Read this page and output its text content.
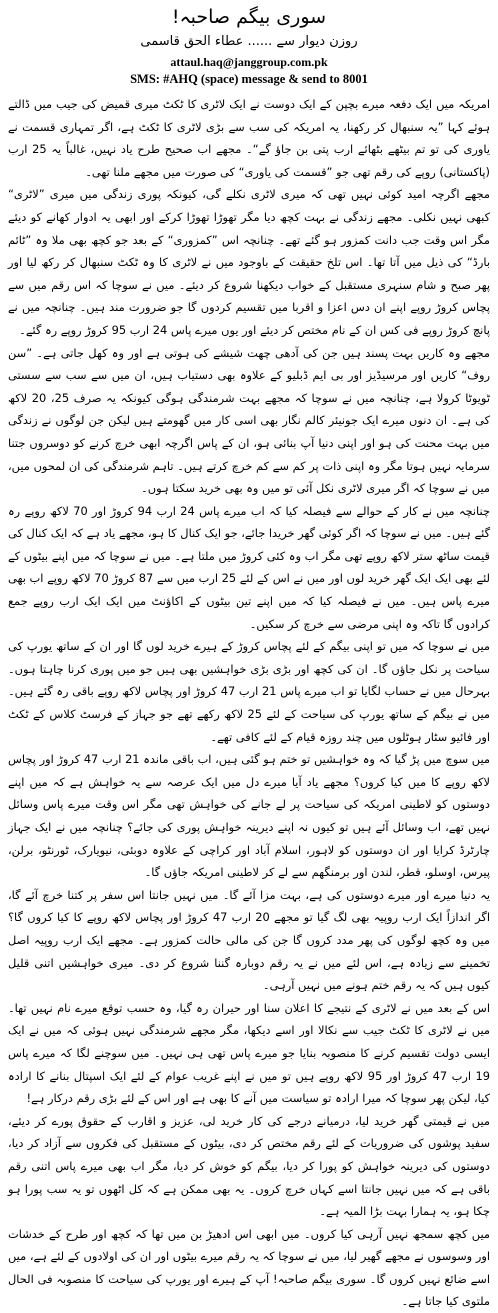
سوری بیگم صاحبہ!
روزن دیوار سے ...... عطاء الحق قاسمی
attaul.haq@janggroup.com.pk
SMS: #AHQ (space) message & send to 8001

امریکہ میں ایک دفعہ میرے بچپن کے ایک دوست نے ایک لاٹری کا ٹکٹ میری قمیض کی جیب میں ڈالتے ہوئے کہا ”یہ سنبھال کر رکھنا، یہ امریکہ کی سب سے بڑی لاٹری کا ٹکٹ ہے، اگر تمہاری قسمت نے یاوری کی تو تم بیٹھے بٹھائے ارب پتی بن جاؤ گے“۔ مجھے اب صحیح طرح یاد نہیں، غالباً یہ 25 ارب (پاکستانی) روپے کی رقم تھی جو ”قسمت کی یاوری“ کی صورت میں مجھے ملنا تھی۔

مجھے اگرچہ امید کوئی نہیں تھی کہ میری لاٹری نکلے گی، کیونکہ پوری زندگی میں میری ”لاٹری“ کبھی نہیں نکلی۔ مجھے زندگی نے بہت کچھ دیا مگر تھوڑا تھوڑا کرکے اور ابھی یہ ادوار کھانے کو دیئے مگر اس وقت جب دانت کمزور ہو گئے تھے۔ چنانچہ اس ”کمزوری“ کے بعد جو کچھ بھی ملا وہ ”ٹائم بارڈ“ کی ذیل میں آتا تھا۔ اس تلخ حقیقت کے باوجود میں نے لاٹری کا وہ ٹکٹ سنبھال کر رکھ لیا اور پھر صبح و شام سنہری مستقبل کے خواب دیکھنا شروع کر دیئے۔ میں نے سوچا کہ اس رقم میں سے پچاس کروڑ روپے اپنے ان دس اعزا و اقربا میں تقسیم کردوں گا جو ضرورت مند ہیں۔ چنانچہ میں نے پانچ کروڑ روپے فی کس ان کے نام مختص کر دیئے اور یوں میرے پاس 24 ارب 95 کروڑ روپے رہ گئے۔

مجھے وہ کاریں بہت پسند ہیں جن کی آدھی چھت شیشے کی ہوتی ہے اور وہ کھل جاتی ہے۔ ”سن روف“ کاریں اور مرسیڈیز اور بی ایم ڈبلیو کے علاوہ بھی دستیاب ہیں، ان میں سے سب سے سستی ٹویوٹا کرولا ہے، چنانچہ میں نے سوچا کہ مجھے بہت شرمندگی ہوگی کیونکہ یہ صرف 25، 20 لاکھ کی ہے۔ ان دنوں میرے ایک جونیئر کالم نگار بھی اسی کار میں گھومتے ہیں لیکن جن لوگوں نے زندگی میں بہت محنت کی ہو اور اپنی دنیا آپ بنائی ہو، ان کے پاس اگرچہ ابھی خرچ کرنے کو دوسروں جتنا سرمایہ نہیں ہوتا مگر وہ اپنی ذات پر کم سے کم خرچ کرتے ہیں۔ تاہم شرمندگی کی ان لمحوں میں، میں نے سوچا کہ اگر میری لاٹری نکل آئی تو میں وہ بھی خرید سکتا ہوں۔

چنانچہ میں نے کار کے حوالے سے فیصلہ کیا کہ اب میرے پاس 24 ارب 94 کروڑ اور 70 لاکھ روپے رہ گئے ہیں۔ میں نے سوچا کہ اگر کوئی گھر خریدا جائے، جو ایک کنال کا ہو، مجھے یاد ہے کہ ایک کنال کی قیمت ساٹھ ستر لاکھ روپے تھی مگر اب وہ کئی کروڑ میں ملتا ہے۔ میں نے سوچا کہ میں اپنے بیٹوں کے لئے بھی ایک ایک گھر خرید لوں اور میں نے اس کے لئے 25 ارب میں سے 87 کروڑ 70 لاکھ روپے اب بھی میرے پاس ہیں۔ میں نے فیصلہ کیا کہ میں اپنے تین بیٹوں کے اکاؤنٹ میں ایک ایک ارب روپے جمع کرادوں گا تاکہ وہ اپنی مرضی سے خرچ کر سکیں۔

میں نے سوچا کہ میں تو اپنی بیگم کے لئے پچاس کروڑ کے ہیرے خرید لوں گا اور ان کے ساتھ یورپ کی سیاحت پر نکل جاؤں گا۔ ان کی کچھ اور بڑی بڑی خواہشیں بھی ہیں جو میں پوری کرنا چاہتا ہوں۔ بہرحال میں نے حساب لگایا تو اب میرے پاس 21 ارب 47 کروڑ اور پچاس لاکھ روپے باقی رہ گئے ہیں۔ میں نے بیگم کے ساتھ یورپ کی سیاحت کے لئے 25 لاکھ رکھے تھے جو جہاز کے فرسٹ کلاس کے ٹکٹ اور فائیو سٹار ہوٹلوں میں چند روزہ قیام کے لئے کافی تھے۔

میں سوچ میں پڑ گیا کہ وہ خواہشیں تو ختم ہو گئی ہیں، اب باقی ماندہ 21 ارب 47 کروڑ اور پچاس لاکھ روپے کا میں کیا کروں؟ مجھے یاد آیا میرے دل میں ایک عرصہ سے یہ خواہش ہے کہ میں اپنے دوستوں کو لاطینی امریکہ کی سیاحت پر لے جانے کی خواہش تھی مگر اس وقت میرے پاس وسائل نہیں تھے، اب وسائل آئے ہیں تو کیوں نہ اپنے دیرینہ خواہش پوری کی جائے؟ چنانچہ میں نے ایک جہاز چارٹرڈ کرایا اور ان دوستوں کو لاہور، اسلام آباد اور کراچی کے علاوہ دوبئی، نیویارک، ٹورنٹو، برلن، پیرس، اوسلو، قطر، لندن اور برمنگھم سے لے کر لاطینی امریکہ جاؤں گا۔

یہ دنیا میرے اور میرے دوستوں کی ہے، بہت مزا آئے گا۔ میں نہیں جانتا اس سفر پر کتنا خرچ آئے گا، اگر اندازاً ایک ارب روپیہ بھی لگ گیا تو مجھے 20 ارب 47 کروڑ اور پچاس لاکھ روپے کا کیا کروں گا؟ میں وہ کچھ لوگوں کی پھر مدد کروں گا جن کی مالی حالت کمزور ہے۔ مجھے ایک ارب روپیہ اصل تخمینے سے زیادہ ہے، اس لئے میں نے یہ رقم دوبارہ گننا شروع کر دی۔ میری خواہشیں اتنی قلیل کیوں ہیں کہ یہ رقم ختم ہونے میں نہیں آرہی۔

اس کے بعد میں نے لاٹری کے نتیجے کا اعلان سنا اور حیران رہ گیا، وہ حسب توقع میرے نام نہیں تھا۔ میں نے لاٹری کا ٹکٹ جیب سے نکالا اور اسے دیکھا، مگر مجھے شرمندگی نہیں ہوئی کہ میں نے ایک ایسی دولت تقسیم کرنے کا منصوبہ بنایا جو میرے پاس تھی ہی نہیں۔ میں سوچنے لگا کہ میرے پاس 19 ارب 47 کروڑ اور 95 لاکھ روپے ہیں تو میں نے اپنے غریب عوام کے لئے ایک اسپتال بنانے کا ارادہ کیا، لیکن پھر سوچا کہ میرا ارادہ تو سیاست میں آنے کا بھی ہے اور اس کے لئے بڑی رقم درکار ہے!

میں نے قیمتی گھر خرید لیا، درمیانے درجے کی کار خرید لی، عزیز و اقارب کے حقوق پورے کر دیئے، سفید پوشوں کی ضروریات کے لئے رقم مختص کر دی، بیٹوں کے مستقبل کی فکروں سے آزاد کر دیا، دوستوں کی دیرینہ خواہش کو پورا کر دیا، بیگم کو خوش کر دیا، مگر اب بھی میرے پاس اتنی رقم باقی ہے کہ میں نہیں جانتا اسے کہاں خرچ کروں۔ یہ بھی ممکن ہے کہ کل اٹھوں تو یہ سب پورا ہو چکا ہو، یہ ہمارا بہت بڑا المیہ ہے۔

میں کچھ سمجھ نہیں آرہی کیا کروں۔ میں ابھی اس ادھیڑ بن میں تھا کہ کچھ اور طرح کے خدشات اور وسوسوں نے مجھے گھیر لیا، میں نے سوچا کہ یہ رقم میرے بیٹوں اور ان کی اولادوں کے لئے ہے، میں اسے ضائع نہیں کروں گا۔ سوری بیگم صاحبہ! آپ کے ہیرے اور یورپ کی سیاحت کا منصوبہ فی الحال ملتوی کیا جاتا ہے۔
